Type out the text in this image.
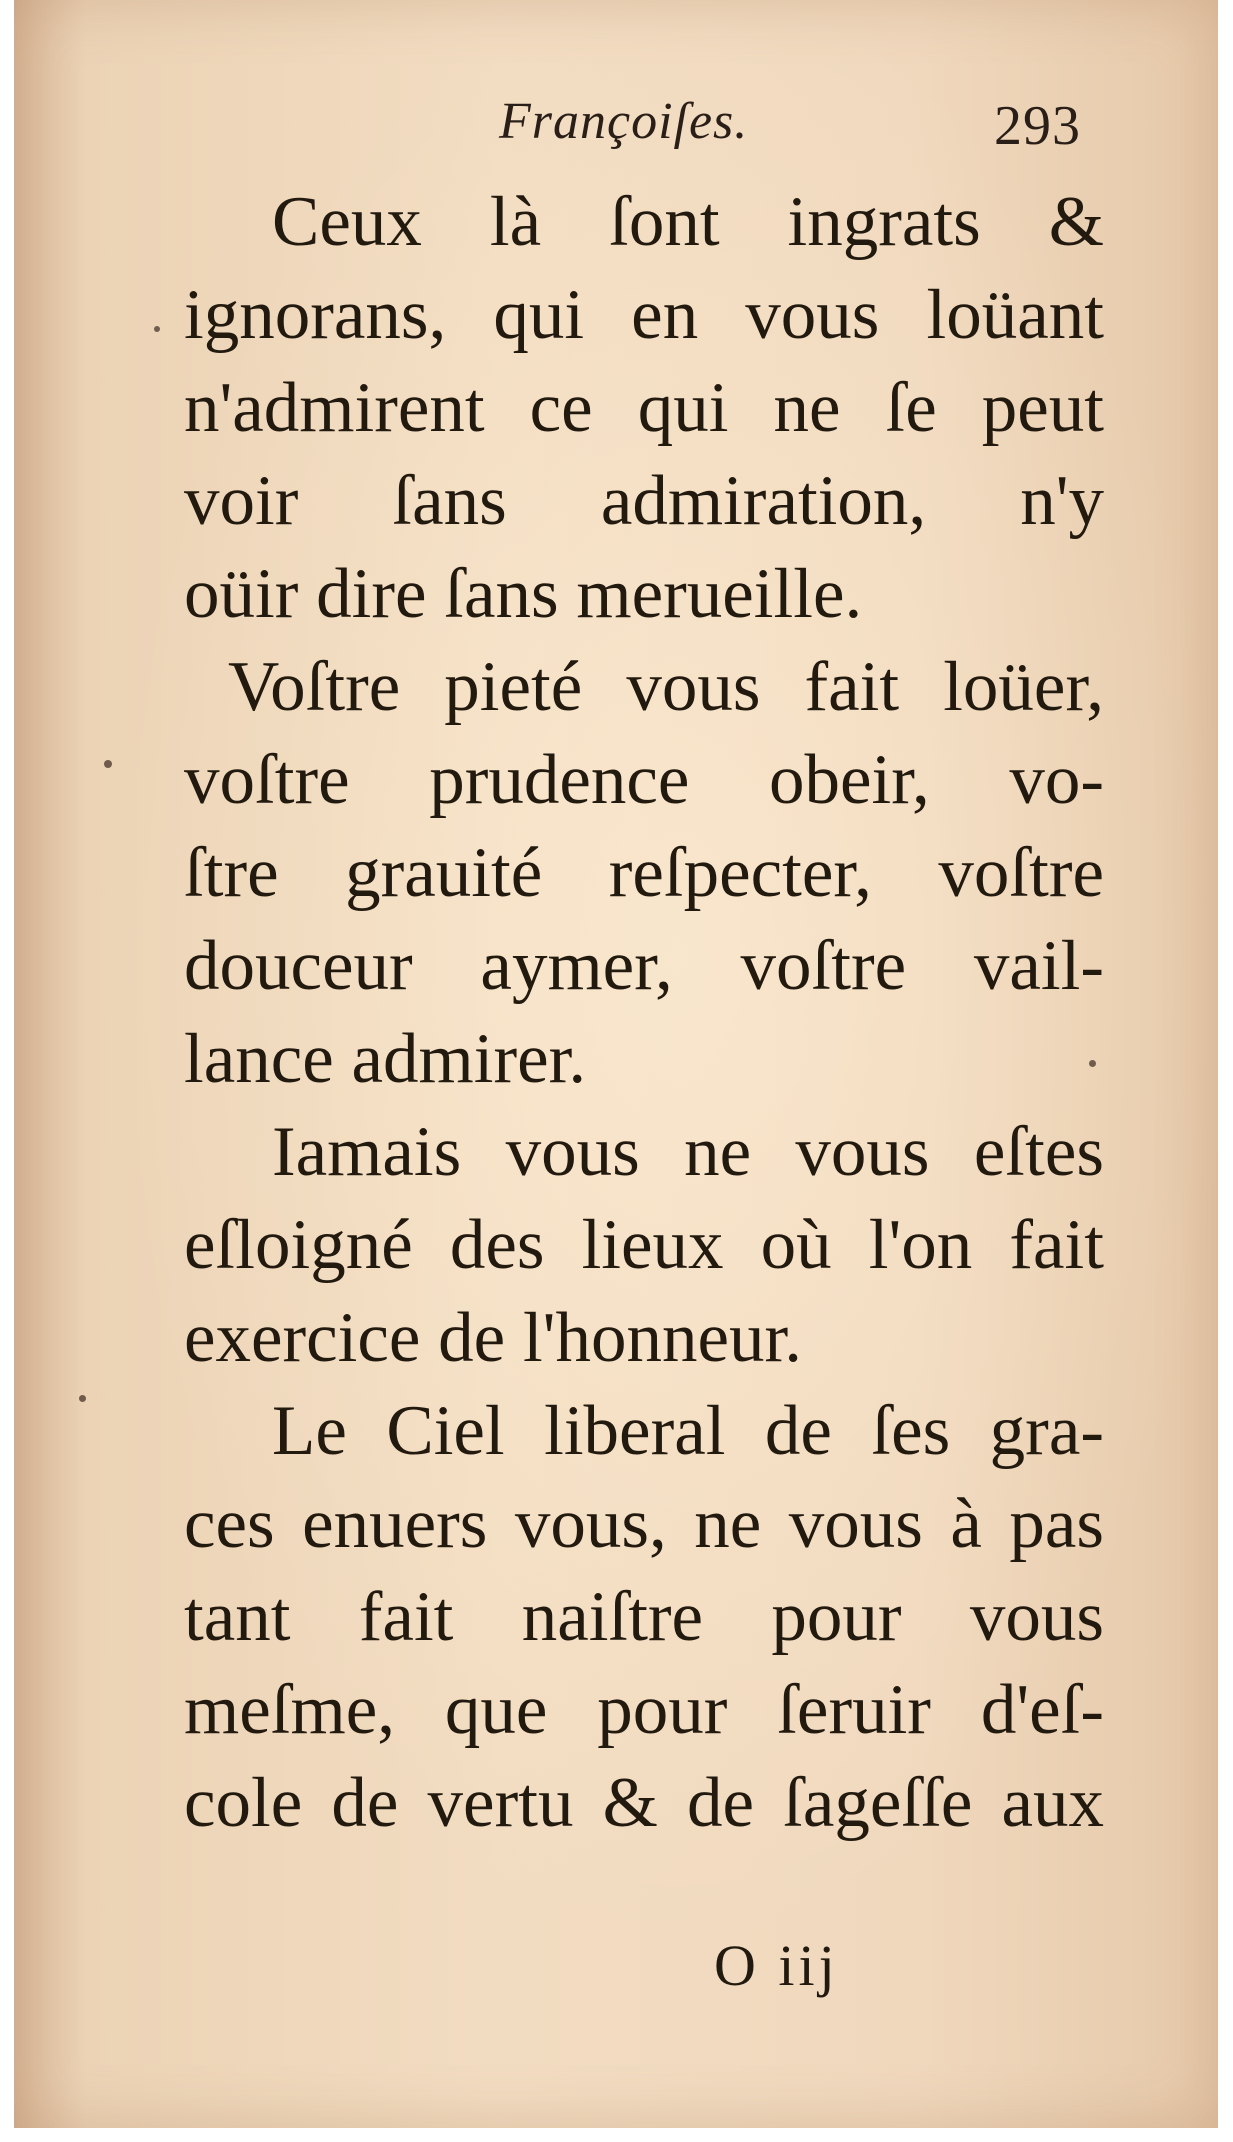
Françoiſes.	293
Ceux là ſont ingrats &
ignorans, qui en vous loüant
n'admirent ce qui ne ſe peut
voir ſans admiration, n'y
oüir dire ſans merueille.
Voſtre pieté vous fait loüer,
voſtre prudence obeir, vo-
ſtre grauité reſpecter, voſtre
douceur aymer, voſtre vail-
lance admirer.
Iamais vous ne vous eſtes
eſloigné des lieux où l'on fait
exercice de l'honneur.
Le Ciel liberal de ſes gra-
ces enuers vous, ne vous à pas
tant fait naiſtre pour vous
meſme, que pour ſeruir d'eſ-
cole de vertu & de ſageſſe aux
O iij
